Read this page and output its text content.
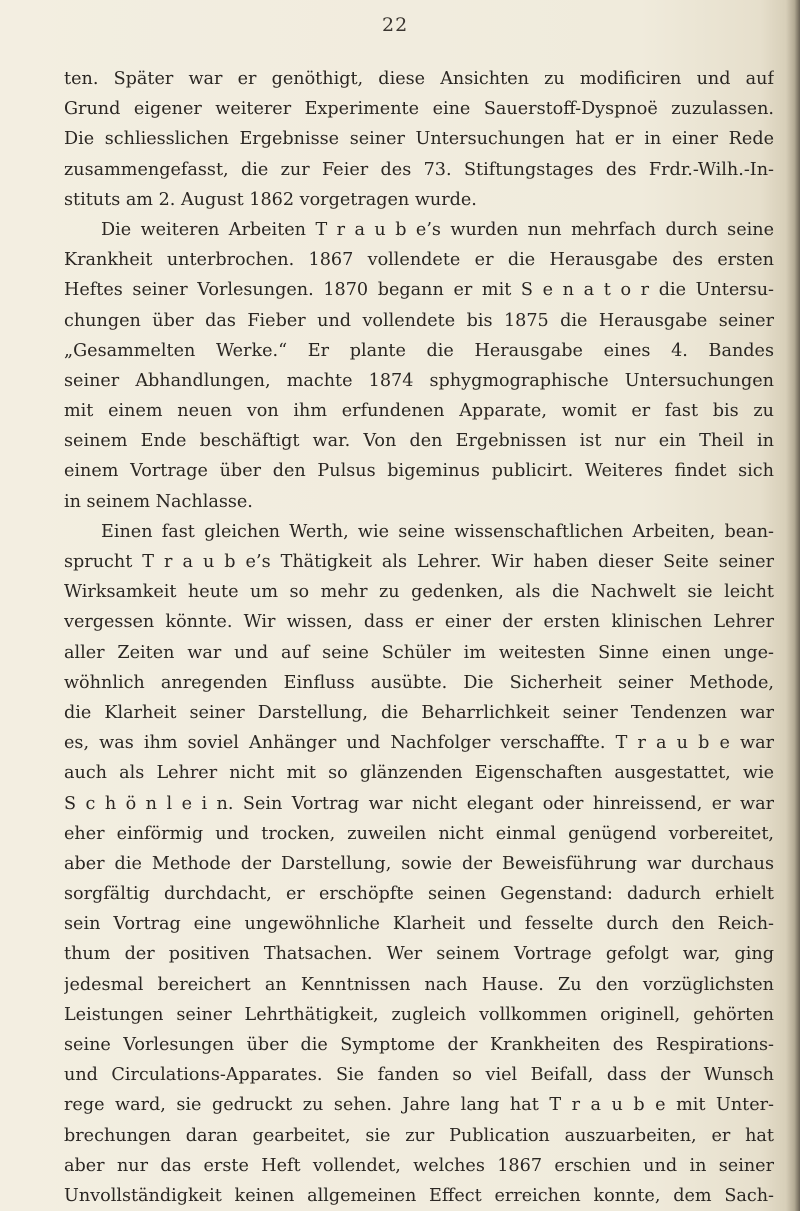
22
ten. Später war er genöthigt, diese Ansichten zu modificiren und auf
Grund eigener weiterer Experimente eine Sauerstoff-Dyspnoë zuzulassen.
Die schliesslichen Ergebnisse seiner Untersuchungen hat er in einer Rede
zusammengefasst, die zur Feier des 73. Stiftungstages des Frdr.-Wilh.-In-
stituts am 2. August 1862 vorgetragen wurde.
Die weiteren Arbeiten T r a u b e’s wurden nun mehrfach durch seine
Krankheit unterbrochen. 1867 vollendete er die Herausgabe des ersten
Heftes seiner Vorlesungen. 1870 begann er mit S e n a t o r die Untersu-
chungen über das Fieber und vollendete bis 1875 die Herausgabe seiner
„Gesammelten Werke.“ Er plante die Herausgabe eines 4. Bandes
seiner Abhandlungen, machte 1874 sphygmographische Untersuchungen
mit einem neuen von ihm erfundenen Apparate, womit er fast bis zu
seinem Ende beschäftigt war. Von den Ergebnissen ist nur ein Theil in
einem Vortrage über den Pulsus bigeminus publicirt. Weiteres findet sich
in seinem Nachlasse.
Einen fast gleichen Werth, wie seine wissenschaftlichen Arbeiten, bean-
sprucht T r a u b e’s Thätigkeit als Lehrer. Wir haben dieser Seite seiner
Wirksamkeit heute um so mehr zu gedenken, als die Nachwelt sie leicht
vergessen könnte. Wir wissen, dass er einer der ersten klinischen Lehrer
aller Zeiten war und auf seine Schüler im weitesten Sinne einen unge-
wöhnlich anregenden Einfluss ausübte. Die Sicherheit seiner Methode,
die Klarheit seiner Darstellung, die Beharrlichkeit seiner Tendenzen war
es, was ihm soviel Anhänger und Nachfolger verschaffte. T r a u b e war
auch als Lehrer nicht mit so glänzenden Eigenschaften ausgestattet, wie
S c h ö n l e i n. Sein Vortrag war nicht elegant oder hinreissend, er war
eher einförmig und trocken, zuweilen nicht einmal genügend vorbereitet,
aber die Methode der Darstellung, sowie der Beweisführung war durchaus
sorgfältig durchdacht, er erschöpfte seinen Gegenstand: dadurch erhielt
sein Vortrag eine ungewöhnliche Klarheit und fesselte durch den Reich-
thum der positiven Thatsachen. Wer seinem Vortrage gefolgt war, ging
jedesmal bereichert an Kenntnissen nach Hause. Zu den vorzüglichsten
Leistungen seiner Lehrthätigkeit, zugleich vollkommen originell, gehörten
seine Vorlesungen über die Symptome der Krankheiten des Respirations-
und Circulations-Apparates. Sie fanden so viel Beifall, dass der Wunsch
rege ward, sie gedruckt zu sehen. Jahre lang hat T r a u b e mit Unter-
brechungen daran gearbeitet, sie zur Publication auszuarbeiten, er hat
aber nur das erste Heft vollendet, welches 1867 erschien und in seiner
Unvollständigkeit keinen allgemeinen Effect erreichen konnte, dem Sach-
